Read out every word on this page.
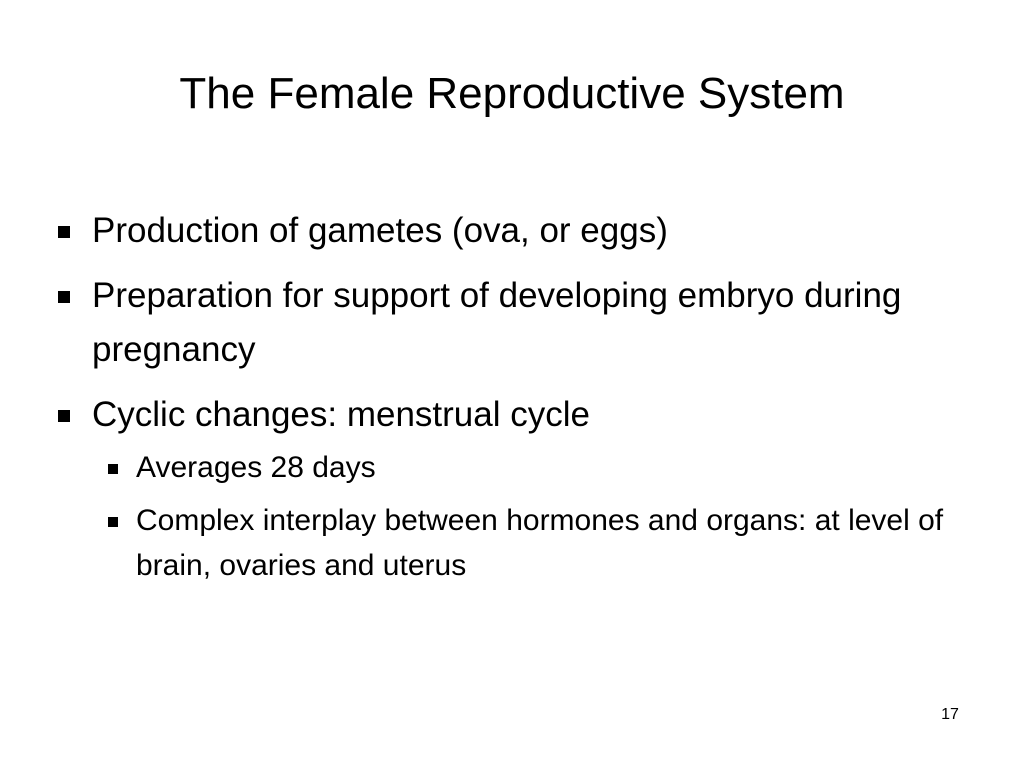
The Female Reproductive System
Production of gametes (ova, or eggs)
Preparation for support of developing embryo during pregnancy
Cyclic changes: menstrual cycle
Averages 28 days
Complex interplay between hormones and organs: at level of brain, ovaries and uterus
17
